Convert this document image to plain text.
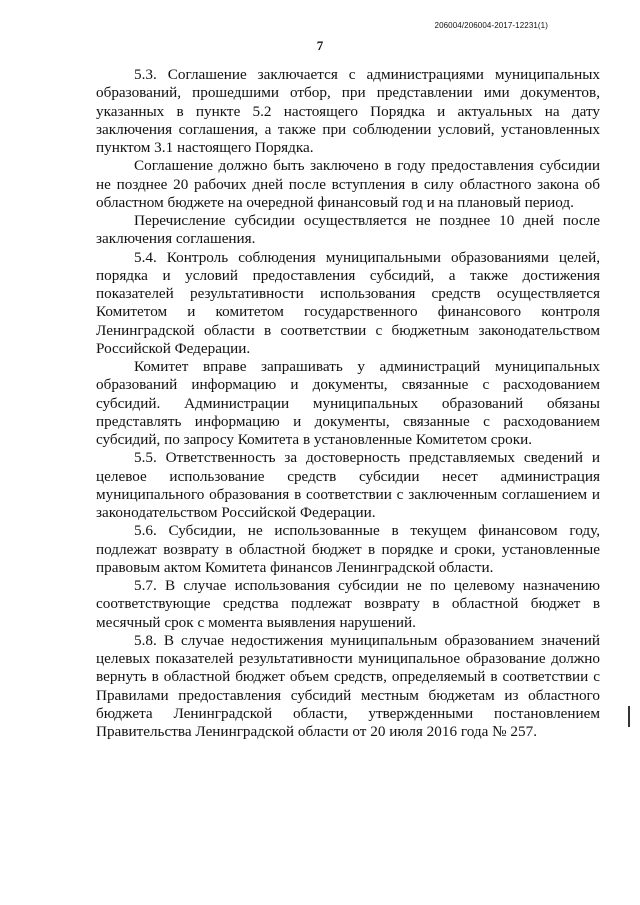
206004/206004-2017-12231(1)
7

5.3. Соглашение заключается с администрациями муниципальных образований, прошедшими отбор, при представлении ими документов, указанных в пункте 5.2 настоящего Порядка и актуальных на дату заключения соглашения, а также при соблюдении условий, установленных пунктом 3.1 настоящего Порядка.

Соглашение должно быть заключено в году предоставления субсидии не позднее 20 рабочих дней после вступления в силу областного закона об областном бюджете на очередной финансовый год и на плановый период.

Перечисление субсидии осуществляется не позднее 10 дней после заключения соглашения.

5.4. Контроль соблюдения муниципальными образованиями целей, порядка и условий предоставления субсидий, а также достижения показателей результативности использования средств осуществляется Комитетом и комитетом государственного финансового контроля Ленинградской области в соответствии с бюджетным законодательством Российской Федерации.

Комитет вправе запрашивать у администраций муниципальных образований информацию и документы, связанные с расходованием субсидий. Администрации муниципальных образований обязаны представлять информацию и документы, связанные с расходованием субсидий, по запросу Комитета в установленные Комитетом сроки.

5.5. Ответственность за достоверность представляемых сведений и целевое использование средств субсидии несет администрация муниципального образования в соответствии с заключенным соглашением и законодательством Российской Федерации.

5.6. Субсидии, не использованные в текущем финансовом году, подлежат возврату в областной бюджет в порядке и сроки, установленные правовым актом Комитета финансов Ленинградской области.

5.7. В случае использования субсидии не по целевому назначению соответствующие средства подлежат возврату в областной бюджет в месячный срок с момента выявления нарушений.

5.8. В случае недостижения муниципальным образованием значений целевых показателей результативности муниципальное образование должно вернуть в областной бюджет объем средств, определяемый в соответствии с Правилами предоставления субсидий местным бюджетам из областного бюджета Ленинградской области, утвержденными постановлением Правительства Ленинградской области от 20 июля 2016 года № 257.
